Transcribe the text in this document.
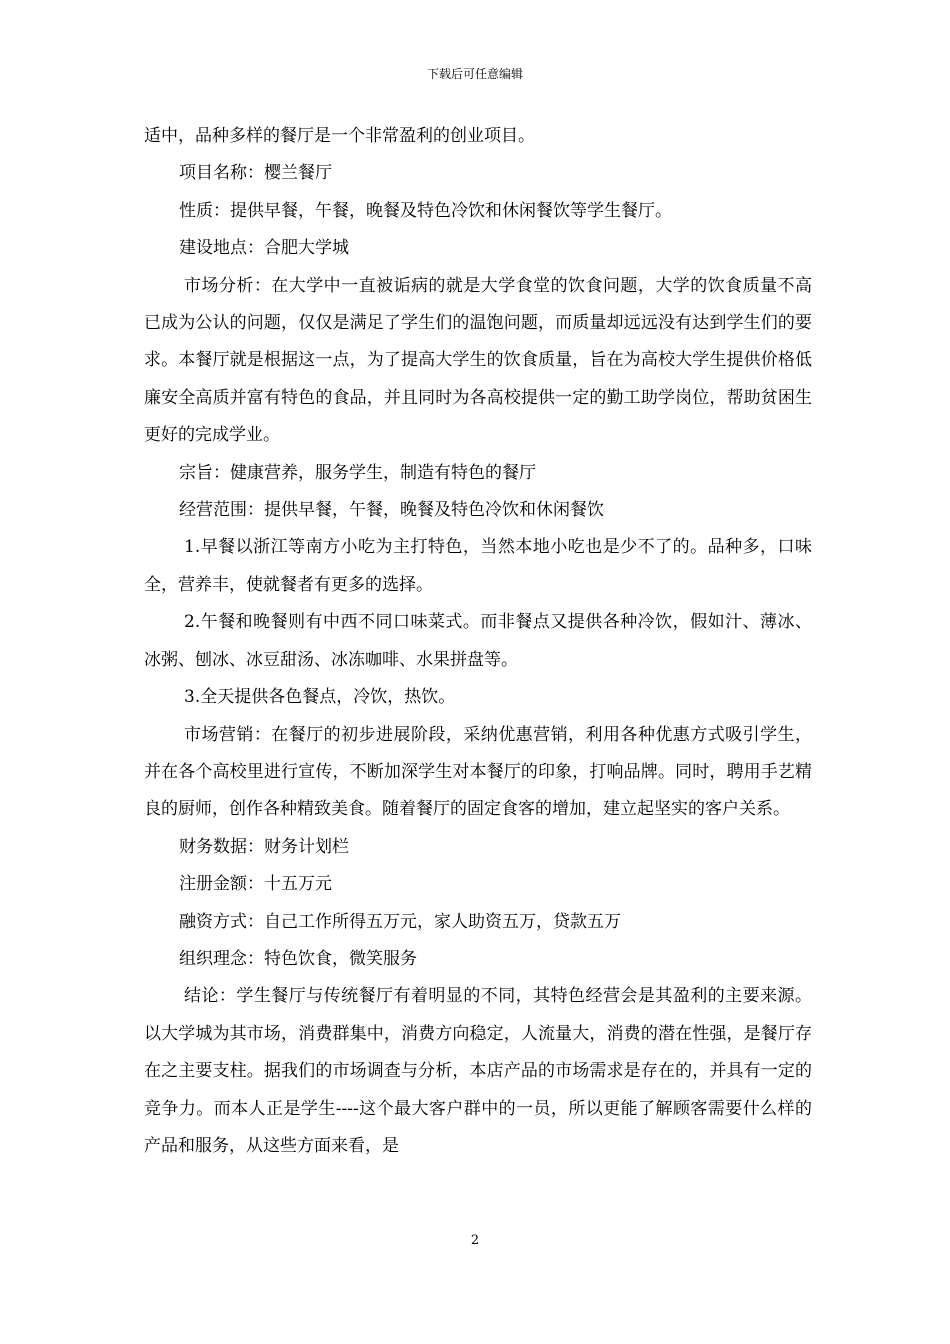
下载后可任意编辑

适中，品种多样的餐厅是一个非常盈利的创业项目。

项目名称：樱兰餐厅

性质：提供早餐，午餐，晚餐及特色冷饮和休闲餐饮等学生餐厅。

建设地点：合肥大学城

市场分析：在大学中一直被诟病的就是大学食堂的饮食问题，大学的饮食质量不高已成为公认的问题，仅仅是满足了学生们的温饱问题，而质量却远远没有达到学生们的要求。本餐厅就是根据这一点，为了提高大学生的饮食质量，旨在为高校大学生提供价格低廉安全高质并富有特色的食品，并且同时为各高校提供一定的勤工助学岗位，帮助贫困生更好的完成学业。

宗旨：健康营养，服务学生，制造有特色的餐厅

经营范围：提供早餐，午餐，晚餐及特色冷饮和休闲餐饮

1.早餐以浙江等南方小吃为主打特色，当然本地小吃也是少不了的。品种多，口味全，营养丰，使就餐者有更多的选择。

2.午餐和晚餐则有中西不同口味菜式。而非餐点又提供各种冷饮，假如汁、薄冰、冰粥、刨冰、冰豆甜汤、冰冻咖啡、水果拼盘等。

3.全天提供各色餐点，冷饮，热饮。

市场营销：在餐厅的初步进展阶段，采纳优惠营销，利用各种优惠方式吸引学生，并在各个高校里进行宣传，不断加深学生对本餐厅的印象，打响品牌。同时，聘用手艺精良的厨师，创作各种精致美食。随着餐厅的固定食客的增加，建立起坚实的客户关系。

财务数据：财务计划栏

注册金额：十五万元

融资方式：自己工作所得五万元，家人助资五万，贷款五万

组织理念：特色饮食，微笑服务

结论：学生餐厅与传统餐厅有着明显的不同，其特色经营会是其盈利的主要来源。以大学城为其市场，消费群集中，消费方向稳定，人流量大，消费的潜在性强，是餐厅存在之主要支柱。据我们的市场调查与分析，本店产品的市场需求是存在的，并具有一定的竞争力。而本人正是学生----这个最大客户群中的一员，所以更能了解顾客需要什么样的产品和服务，从这些方面来看，是

2
